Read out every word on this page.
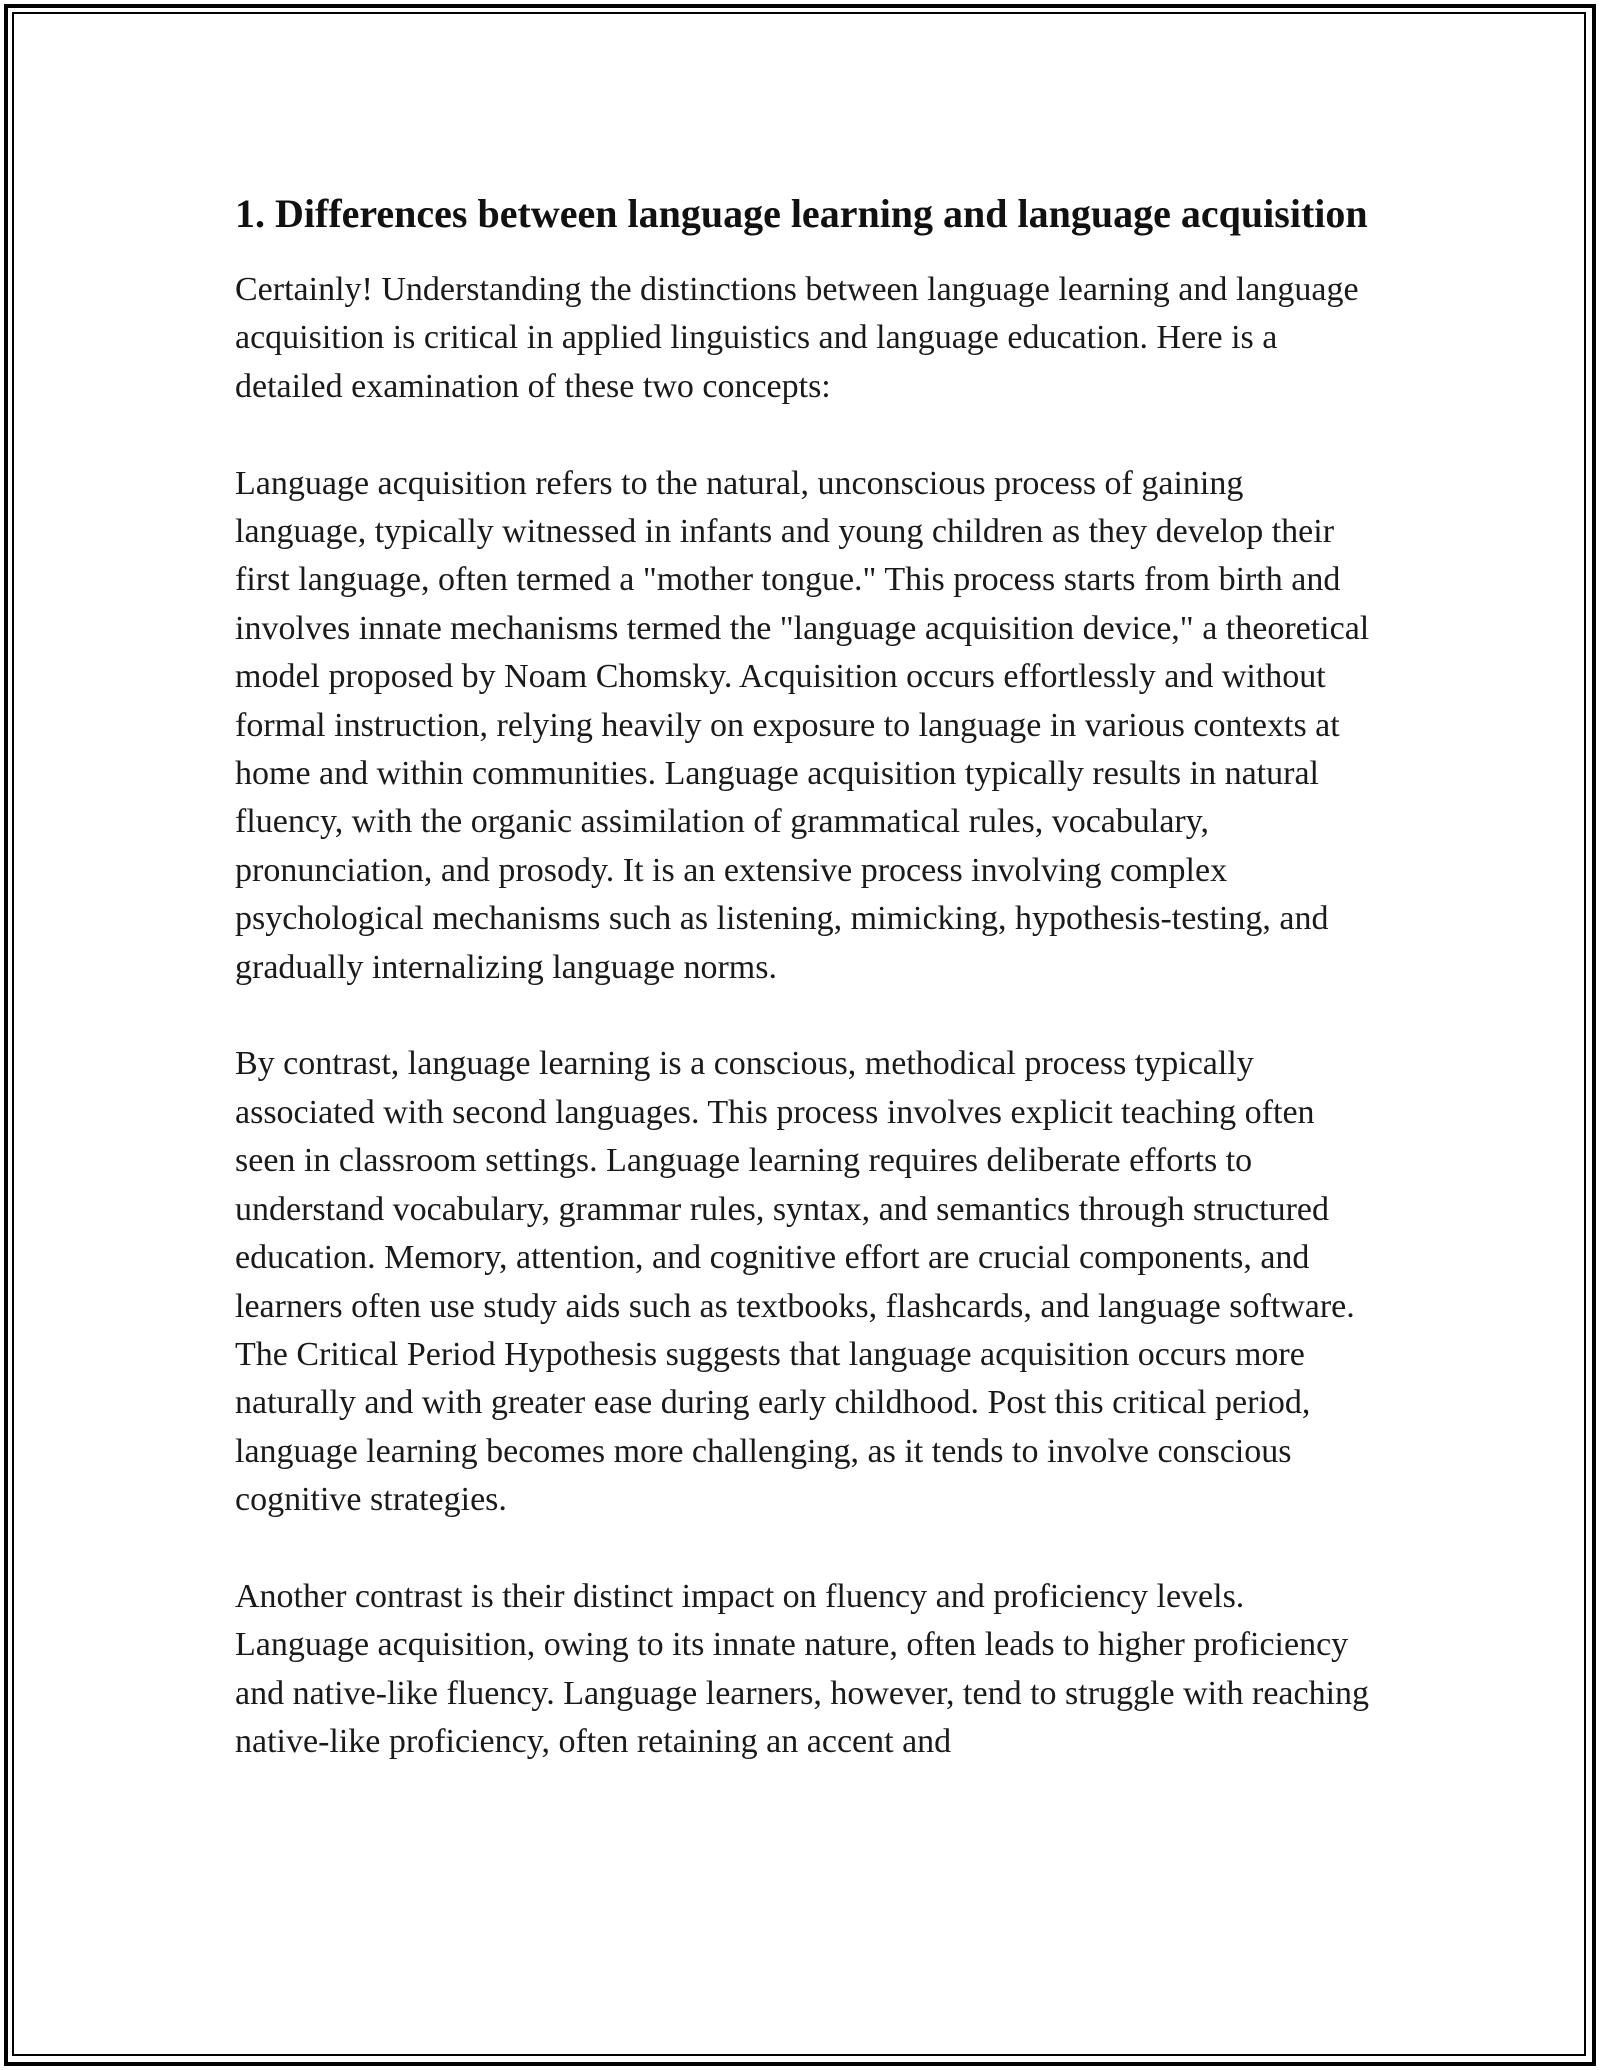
1. Differences between language learning and language acquisition

Certainly! Understanding the distinctions between language learning and language acquisition is critical in applied linguistics and language education. Here is a detailed examination of these two concepts:

Language acquisition refers to the natural, unconscious process of gaining language, typically witnessed in infants and young children as they develop their first language, often termed a "mother tongue." This process starts from birth and involves innate mechanisms termed the "language acquisition device," a theoretical model proposed by Noam Chomsky. Acquisition occurs effortlessly and without formal instruction, relying heavily on exposure to language in various contexts at home and within communities. Language acquisition typically results in natural fluency, with the organic assimilation of grammatical rules, vocabulary, pronunciation, and prosody. It is an extensive process involving complex psychological mechanisms such as listening, mimicking, hypothesis-testing, and gradually internalizing language norms.

By contrast, language learning is a conscious, methodical process typically associated with second languages. This process involves explicit teaching often seen in classroom settings. Language learning requires deliberate efforts to understand vocabulary, grammar rules, syntax, and semantics through structured education. Memory, attention, and cognitive effort are crucial components, and learners often use study aids such as textbooks, flashcards, and language software. The Critical Period Hypothesis suggests that language acquisition occurs more naturally and with greater ease during early childhood. Post this critical period, language learning becomes more challenging, as it tends to involve conscious cognitive strategies.

Another contrast is their distinct impact on fluency and proficiency levels. Language acquisition, owing to its innate nature, often leads to higher proficiency and native-like fluency. Language learners, however, tend to struggle with reaching native-like proficiency, often retaining an accent and
